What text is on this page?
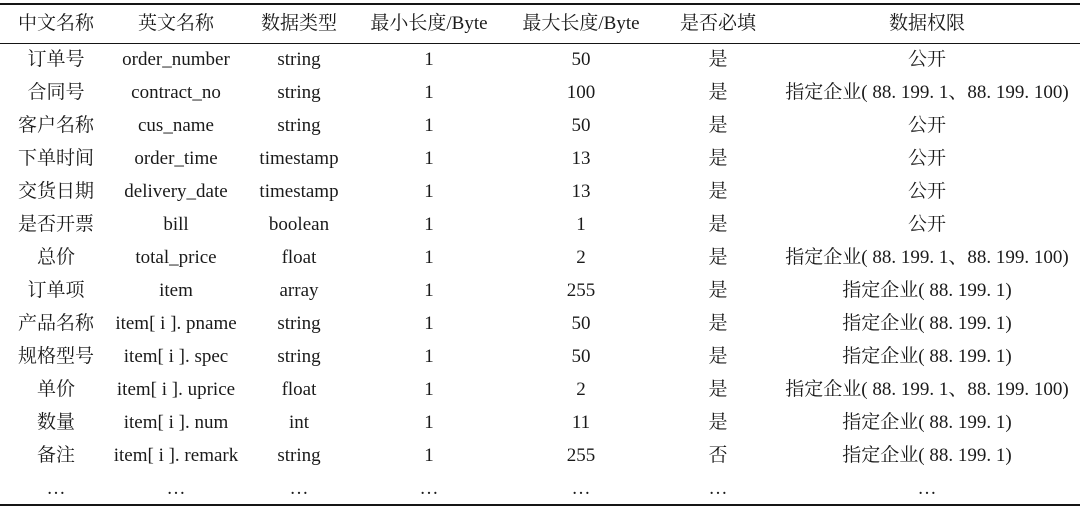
中文名称	英文名称	数据类型	最小长度/Byte	最大长度/Byte	是否必填	数据权限
订单号	order_number	string	1	50	是	公开
合同号	contract_no	string	1	100	是	指定企业( 88. 199. 1、88. 199. 100)
客户名称	cus_name	string	1	50	是	公开
下单时间	order_time	timestamp	1	13	是	公开
交货日期	delivery_date	timestamp	1	13	是	公开
是否开票	bill	boolean	1	1	是	公开
总价	total_price	float	1	2	是	指定企业( 88. 199. 1、88. 199. 100)
订单项	item	array	1	255	是	指定企业( 88. 199. 1)
产品名称	item[ i ]. pname	string	1	50	是	指定企业( 88. 199. 1)
规格型号	item[ i ]. spec	string	1	50	是	指定企业( 88. 199. 1)
单价	item[ i ]. uprice	float	1	2	是	指定企业( 88. 199. 1、88. 199. 100)
数量	item[ i ]. num	int	1	11	是	指定企业( 88. 199. 1)
备注	item[ i ]. remark	string	1	255	否	指定企业( 88. 199. 1)
…	…	…	…	…	…	…
